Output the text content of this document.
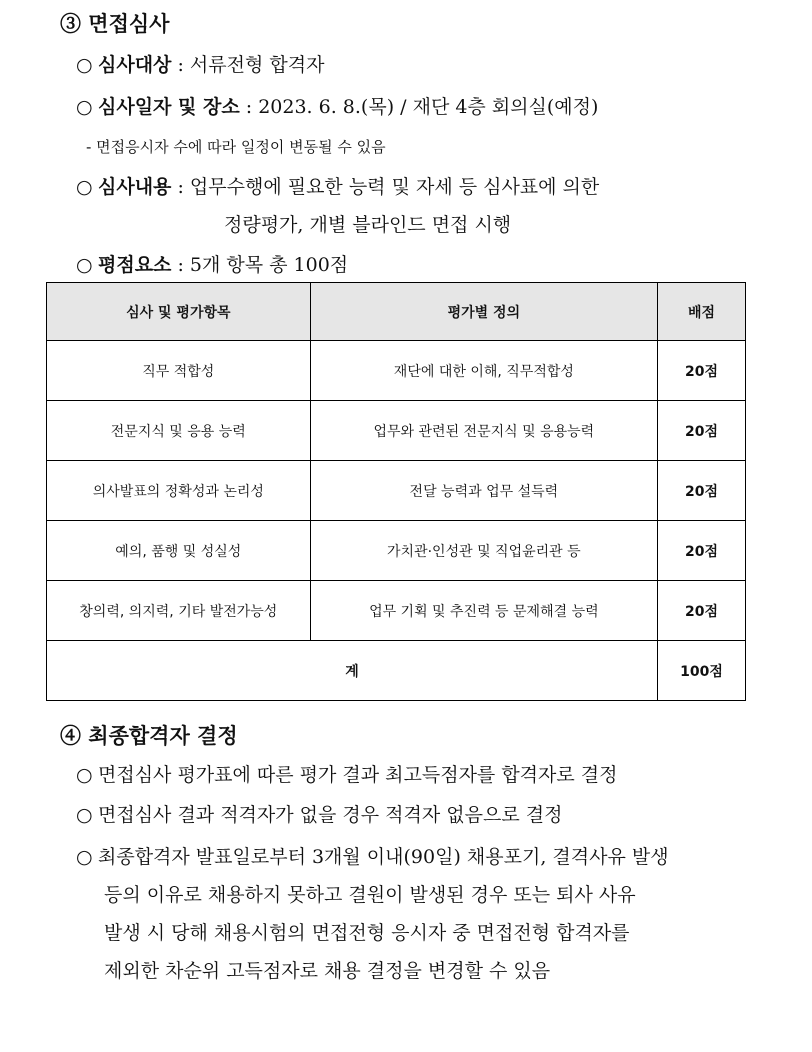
③ 면접심사
○ 심사대상 : 서류전형 합격자
○ 심사일자 및 장소 : 2023. 6. 8.(목) / 재단 4층 회의실(예정)
- 면접응시자 수에 따라 일정이 변동될 수 있음
○ 심사내용 : 업무수행에 필요한 능력 및 자세 등 심사표에 의한
정량평가, 개별 블라인드 면접 시행
○ 평점요소 : 5개 항목 총 100점
심사 및 평가항목	평가별 정의	배점
직무 적합성	재단에 대한 이해, 직무적합성	20점
전문지식 및 응용 능력	업무와 관련된 전문지식 및 응용능력	20점
의사발표의 정확성과 논리성	전달 능력과 업무 설득력	20점
예의, 품행 및 성실성	가치관·인성관 및 직업윤리관 등	20점
창의력, 의지력, 기타 발전가능성	업무 기획 및 추진력 등 문제해결 능력	20점
계		100점
④ 최종합격자 결정
○ 면접심사 평가표에 따른 평가 결과 최고득점자를 합격자로 결정
○ 면접심사 결과 적격자가 없을 경우 적격자 없음으로 결정
○ 최종합격자 발표일로부터 3개월 이내(90일) 채용포기, 결격사유 발생
등의 이유로 채용하지 못하고 결원이 발생된 경우 또는 퇴사 사유
발생 시 당해 채용시험의 면접전형 응시자 중 면접전형 합격자를
제외한 차순위 고득점자로 채용 결정을 변경할 수 있음
